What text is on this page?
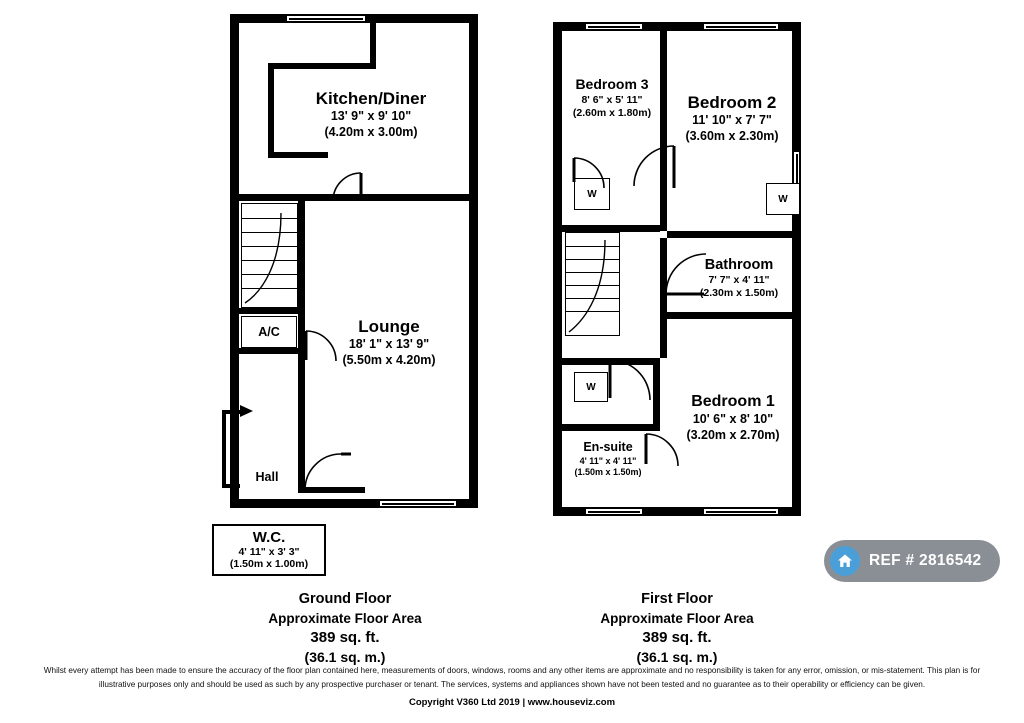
A/C
Kitchen/Diner
13' 9" x 9' 10"
(4.20m x 3.00m)
Lounge
18' 1" x 13' 9"
(5.50m x 4.20m)
Hall
W.C.
4' 11" x 3' 3"
(1.50m x 1.00m)
Ground Floor
Approximate Floor Area
389 sq. ft.
(36.1 sq. m.)
W	W
W
Bedroom 3
8' 6" x 5' 11"
(2.60m x 1.80m)
Bedroom 2
11' 10" x 7' 7"
(3.60m x 2.30m)
Bathroom
7' 7" x 4' 11"
(2.30m x 1.50m)
Bedroom 1
10' 6" x 8' 10"
(3.20m x 2.70m)
En-suite
4' 11" x 4' 11"
(1.50m x 1.50m)
First Floor
Approximate Floor Area
389 sq. ft.
(36.1 sq. m.)
REF # 2816542
Whilst every attempt has been made to ensure the accuracy of the floor plan contained here, measurements of doors, windows, rooms and any other items are approximate and no responsibility is taken for any error, omission, or mis-statement. This plan is for
illustrative purposes only and should be used as such by any prospective purchaser or tenant. The services, systems and appliances shown have not been tested and no guarantee as to their operability or efficiency can be given.
Copyright V360 Ltd 2019 | www.houseviz.com
